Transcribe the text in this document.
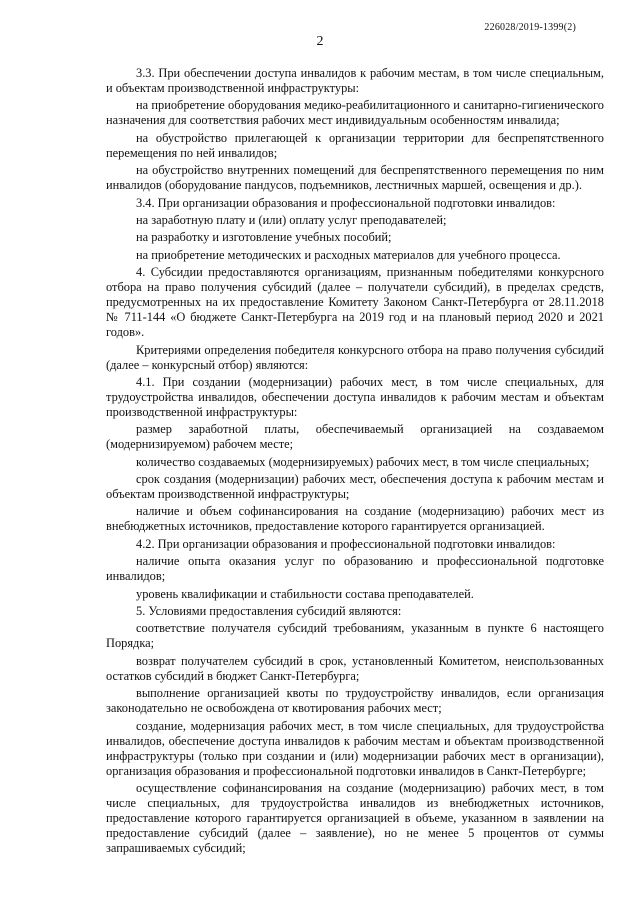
226028/2019-1399(2)
2

3.3. При обеспечении доступа инвалидов к рабочим местам, в том числе специальным, и объектам производственной инфраструктуры:

на приобретение оборудования медико-реабилитационного и санитарно-гигиенического назначения для соответствия рабочих мест индивидуальным особенностям инвалида;

на обустройство прилегающей к организации территории для беспрепятственного перемещения по ней инвалидов;

на обустройство внутренних помещений для беспрепятственного перемещения по ним инвалидов (оборудование пандусов, подъемников, лестничных маршей, освещения и др.).

3.4. При организации образования и профессиональной подготовки инвалидов:

на заработную плату и (или) оплату услуг преподавателей;

на разработку и изготовление учебных пособий;

на приобретение методических и расходных материалов для учебного процесса.

4. Субсидии предоставляются организациям, признанным победителями конкурсного отбора на право получения субсидий (далее – получатели субсидий), в пределах средств, предусмотренных на их предоставление Комитету Законом Санкт-Петербурга от 28.11.2018 № 711-144 «О бюджете Санкт-Петербурга на 2019 год и на плановый период 2020 и 2021 годов».

Критериями определения победителя конкурсного отбора на право получения субсидий (далее – конкурсный отбор) являются:

4.1. При создании (модернизации) рабочих мест, в том числе специальных, для трудоустройства инвалидов, обеспечении доступа инвалидов к рабочим местам и объектам производственной инфраструктуры:

размер заработной платы, обеспечиваемый организацией на создаваемом (модернизируемом) рабочем месте;

количество создаваемых (модернизируемых) рабочих мест, в том числе специальных;

срок создания (модернизации) рабочих мест, обеспечения доступа к рабочим местам и объектам производственной инфраструктуры;

наличие и объем софинансирования на создание (модернизацию) рабочих мест из внебюджетных источников, предоставление которого гарантируется организацией.

4.2. При организации образования и профессиональной подготовки инвалидов:

наличие опыта оказания услуг по образованию и профессиональной подготовке инвалидов;

уровень квалификации и стабильности состава преподавателей.

5. Условиями предоставления субсидий являются:

соответствие получателя субсидий требованиям, указанным в пункте 6 настоящего Порядка;

возврат получателем субсидий в срок, установленный Комитетом, неиспользованных остатков субсидий в бюджет Санкт-Петербурга;

выполнение организацией квоты по трудоустройству инвалидов, если организация законодательно не освобождена от квотирования рабочих мест;

создание, модернизация рабочих мест, в том числе специальных, для трудоустройства инвалидов, обеспечение доступа инвалидов к рабочим местам и объектам производственной инфраструктуры (только при создании и (или) модернизации рабочих мест в организации), организация образования и профессиональной подготовки инвалидов в Санкт-Петербурге;

осуществление софинансирования на создание (модернизацию) рабочих мест, в том числе специальных, для трудоустройства инвалидов из внебюджетных источников, предоставление которого гарантируется организацией в объеме, указанном в заявлении на предоставление субсидий (далее – заявление), но не менее 5 процентов от суммы запрашиваемых субсидий;
